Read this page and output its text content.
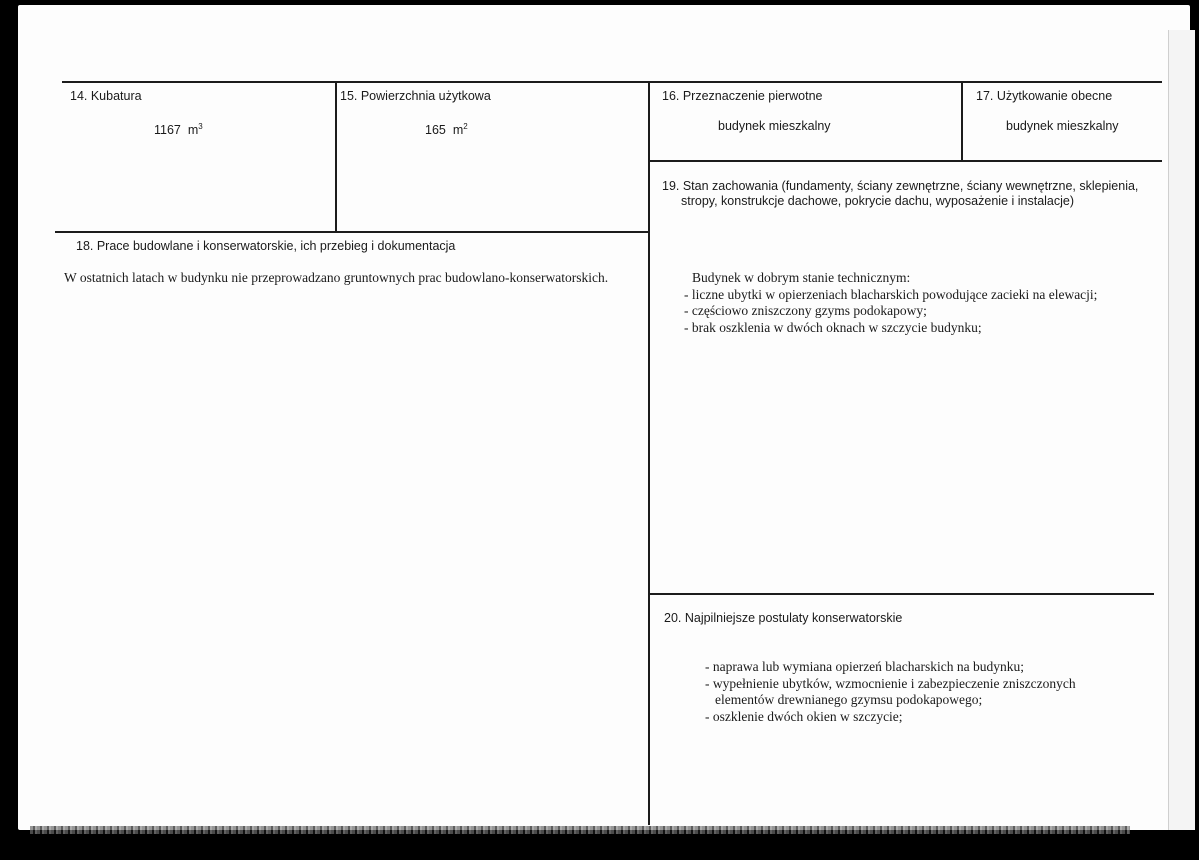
14. Kubatura
1167 $m^3$
15. Powierzchnia użytkowa
165 $m^2$
16. Przeznaczenie pierwotne
budynek mieszkalny
17. Użytkowanie obecne
budynek mieszkalny
19. Stan zachowania (fundamenty, ściany zewnętrzne, ściany wewnętrzne, sklepienia,
stropy, konstrukcje dachowe, pokrycie dachu, wyposażenie i instalacje)
Budynek w dobrym stanie technicznym:
- liczne ubytki w opierzeniach blacharskich powodujące zacieki na elewacji;
- częściowo zniszczony gzyms podokapowy;
- brak oszklenia w dwóch oknach w szczycie budynku;
18. Prace budowlane i konserwatorskie, ich przebieg i dokumentacja
W ostatnich latach w budynku nie przeprowadzano gruntownych prac budowlano-konserwatorskich.
20. Najpilniejsze postulaty konserwatorskie
- naprawa lub wymiana opierzeń blacharskich na budynku;
- wypełnienie ubytków, wzmocnienie i zabezpieczenie zniszczonych
elementów drewnianego gzymsu podokapowego;
- oszklenie dwóch okien w szczycie;
